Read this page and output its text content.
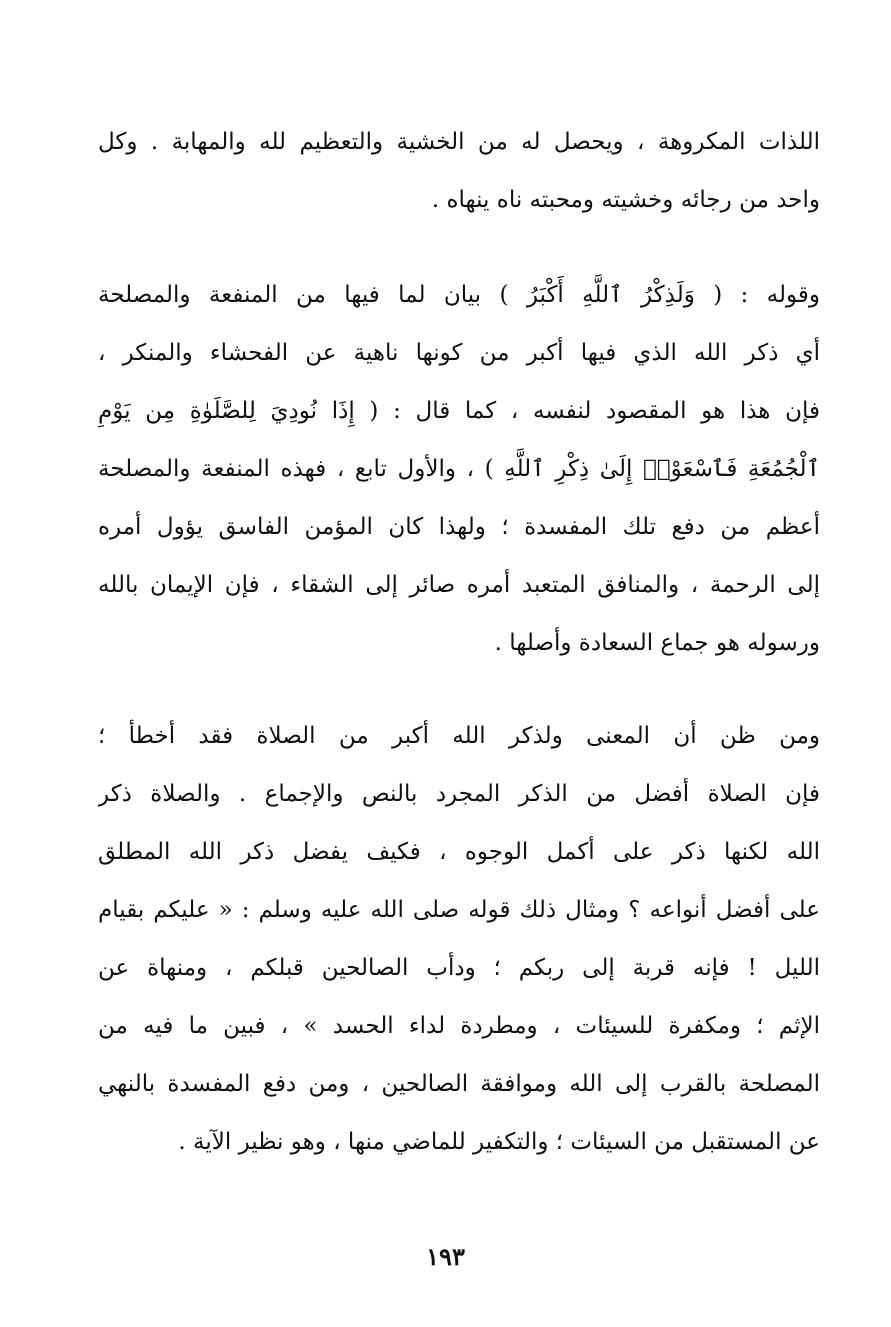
اللذات المكروهة ، ويحصل له من الخشية والتعظيم لله والمهابة . وكل
واحد من رجائه وخشيته ومحبته ناه ينهاه .
وقوله : ( وَلَذِكْرُ ٱللَّهِ أَكْبَرُ ) بيان لما فيها من المنفعة والمصلحة
أي ذكر الله الذي فيها أكبر من كونها ناهية عن الفحشاء والمنكر ،
فإن هذا هو المقصود لنفسه ، كما قال : ( إِذَا نُودِيَ لِلصَّلَوٰةِ مِن يَوْمِ
ٱلْجُمُعَةِ فَٱسْعَوْا۟ إِلَىٰ ذِكْرِ ٱللَّهِ ) ، والأول تابع ، فهذه المنفعة والمصلحة
أعظم من دفع تلك المفسدة ؛ ولهذا كان المؤمن الفاسق يؤول أمره
إلى الرحمة ، والمنافق المتعبد أمره صائر إلى الشقاء ، فإن الإيمان بالله
ورسوله هو جماع السعادة وأصلها .
ومن ظن أن المعنى ولذكر الله أكبر من الصلاة فقد أخطأ ؛
فإن الصلاة أفضل من الذكر المجرد بالنص والإجماع . والصلاة ذكر
الله لكنها ذكر على أكمل الوجوه ، فكيف يفضل ذكر الله المطلق
على أفضل أنواعه ؟ ومثال ذلك قوله صلى الله عليه وسلم : « عليكم بقيام
الليل ! فإنه قربة إلى ربكم ؛ ودأب الصالحين قبلكم ، ومنهاة عن
الإثم ؛ ومكفرة للسيئات ، ومطردة لداء الحسد » ، فبين ما فيه من
المصلحة بالقرب إلى الله وموافقة الصالحين ، ومن دفع المفسدة بالنهي
عن المستقبل من السيئات ؛ والتكفير للماضي منها ، وهو نظير الآية .
١٩٣
